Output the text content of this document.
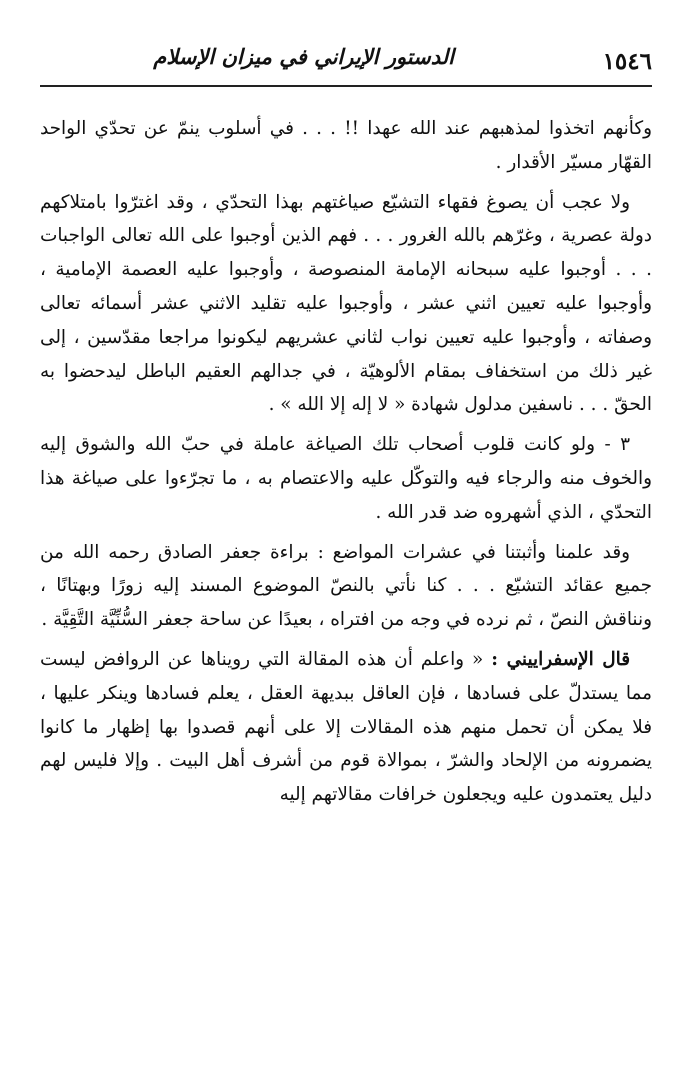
١٥٤٦
الدستور الإيراني في ميزان الإسلام

وكأنهم اتخذوا لمذهبهم عند الله عهدا !! . . . في أسلوب ينمّ عن تحدّي الواحد القهّار مسيّر الأقدار .

ولا عجب أن يصوغ فقهاء التشيّع صياغتهم بهذا التحدّي ، وقد اغترّوا بامتلاكهم دولة عصرية ، وغرّهم بالله الغرور . . . فهم الذين أوجبوا على الله تعالى الواجبات . . . أوجبوا عليه سبحانه الإمامة المنصوصة ، وأوجبوا عليه العصمة الإمامية ، وأوجبوا عليه تعيين اثني عشر ، وأوجبوا عليه تقليد الاثني عشر أسمائه تعالى وصفاته ، وأوجبوا عليه تعيين نواب لثاني عشريهم ليكونوا مراجعا مقدّسين ، إلى غير ذلك من استخفاف بمقام الألوهيّة ، في جدالهم العقيم الباطل ليدحضوا به الحقّ . . . ناسفين مدلول شهادة « لا إله إلا الله » .

٣ - ولو كانت قلوب أصحاب تلك الصياغة عاملة في حبّ الله والشوق إليه والخوف منه والرجاء فيه والتوكّل عليه والاعتصام به ، ما تجرّءوا على صياغة هذا التحدّي ، الذي أشهروه ضد قدر الله .

وقد علمنا وأثبتنا في عشرات المواضع : براءة جعفر الصادق رحمه الله من جميع عقائد التشيّع . . . كنا نأتي بالنصّ الموضوع المسند إليه زورًا وبهتانًا ، ونناقش النصّ ، ثم نرده في وجه من افتراه ، بعيدًا عن ساحة جعفر السُّنِّيَّة التَّقِيَّة .

قال الإسفراييني : « واعلم أن هذه المقالة التي رويناها عن الروافض ليست مما يستدلّ على فسادها ، فإن العاقل ببديهة العقل ، يعلم فسادها وينكر عليها ، فلا يمكن أن تحمل منهم هذه المقالات إلا على أنهم قصدوا بها إظهار ما كانوا يضمرونه من الإلحاد والشرّ ، بموالاة قوم من أشرف أهل البيت . وإلا فليس لهم دليل يعتمدون عليه ويجعلون خرافات مقالاتهم إليه
